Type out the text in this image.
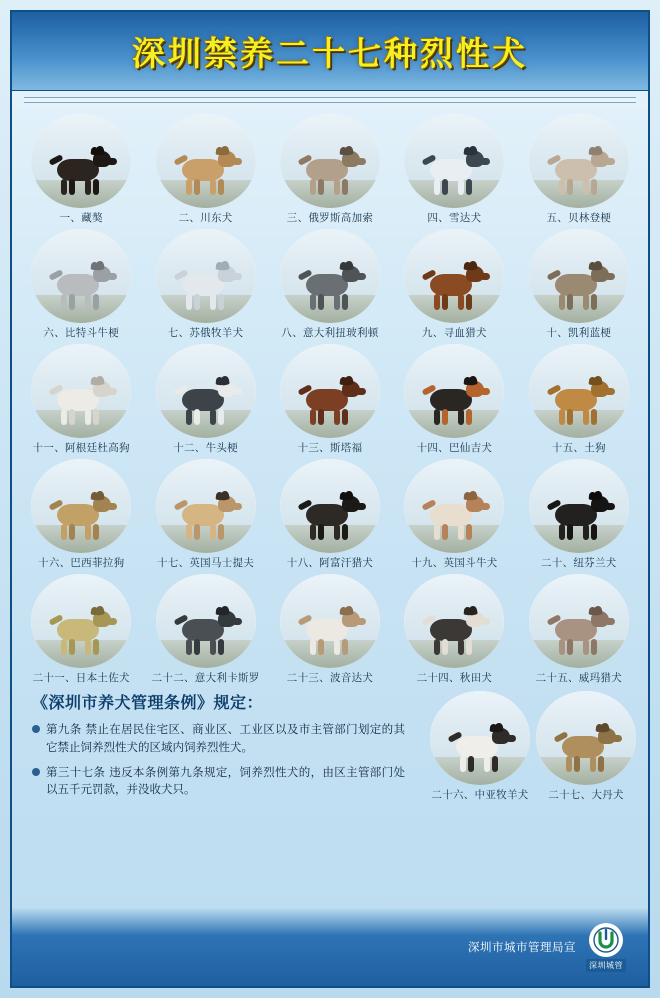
深圳禁养二十七种烈性犬
一、藏獒	二、川东犬	三、俄罗斯高加索	四、雪达犬	五、贝林登梗
六、比特斗牛梗	七、苏俄牧羊犬	八、意大利扭玻利顿	九、寻血猎犬	十、凯利蓝梗
十一、阿根廷杜高狗	十二、牛头梗	十三、斯塔福	十四、巴仙吉犬	十五、土狗
十六、巴西菲拉狗	十七、英国马士提夫	十八、阿富汗猎犬	十九、英国斗牛犬	二十、纽芬兰犬
二十一、日本土佐犬 二十二、意大利卡斯罗	二十三、波音达犬	二十四、秋田犬	二十五、威玛猎犬
《深圳市养犬管理条例》规定：
第九条 禁止在居民住宅区、商业区、工业区以及市主管部门划定的其它禁止饲养烈性犬的区域内饲养烈性犬。
第三十七条 违反本条例第九条规定，饲养烈性犬的，由区主管部门处以五千元罚款，并没收犬只。	二十六、中亚牧羊犬 二十七、大丹犬
深圳市城市管理局宣
深圳城管
